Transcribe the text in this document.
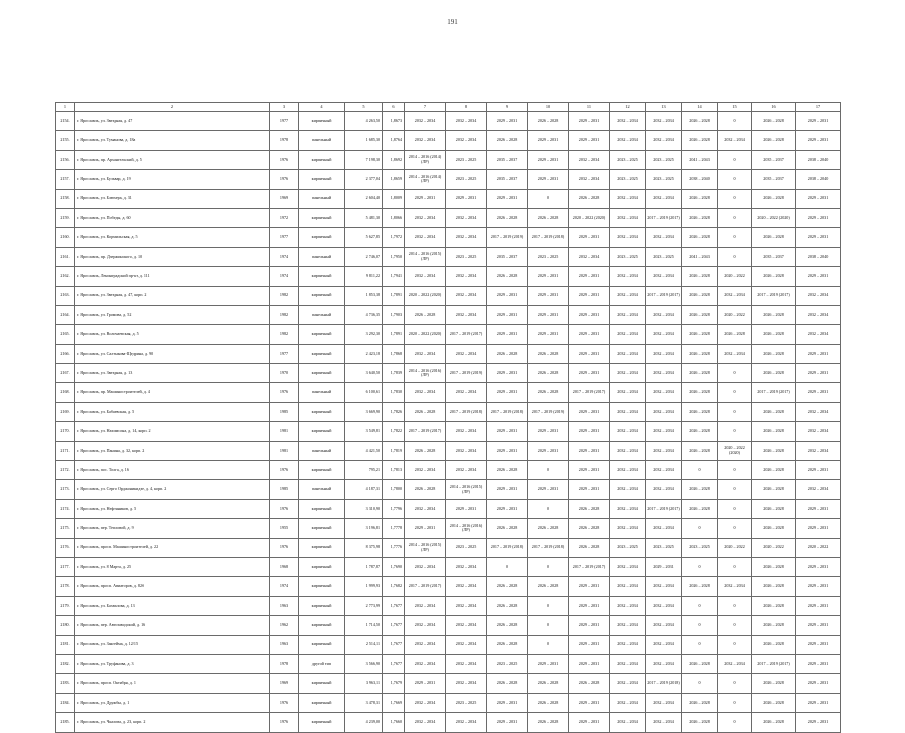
191
1	2	3	4	5	6	7	8	9	10	11	12	13	14	15	16	17
2154.	г. Ярославль, ул. Звездная, д. 47	1977	кирпичный	4 263,50	1,8673	2032 – 2034	2032 – 2034	2029 – 2031	2026 – 2028	2029 – 2031	2032 – 2034	2032 – 2034	2026 – 2028	0	2026 – 2028	2029 – 2031
2155.	г. Ярославль, ул. Туманова, д. 18а	1978	панельный	1 685,30	1,8764	2032 – 2034	2032 – 2034	2026 – 2028	2029 – 2031	2029 – 2031	2032 – 2034	2032 – 2034	2026 – 2028	2032 – 2034	2026 – 2028	2029 – 2031
2156.	г. Ярославль, пр. Архангельский, д. 5	1976	кирпичный	7 198,30	1,8692	2014 – 2016 (2014)(ЛР)	2023 – 2025	2035 – 2037	2029 – 2031	2032 – 2034	2023 – 2025	2023 – 2025	2041 – 2043	0	2035 – 2037	2038 – 2040
2157.	г. Ярославль, ул. Бульвар, д. 19	1976	кирпичный	2 377,04	1,8659	2014 – 2016 (2014)(ЛР)	2023 – 2025	2035 – 2037	2029 – 2031	2032 – 2034	2023 – 2025	2023 – 2025	2038 – 2040	0	2035 – 2037	2038 – 2040
2158.	г. Ярославль, ул. Блюхера, д. 31	1969	панельный	2 604,40	1,8009	2029 – 2031	2029 – 2031	2029 – 2031	0	2026 – 2028	2032 – 2034	2032 – 2034	2026 – 2028	0	2026 – 2028	2029 – 2031
2159.	г. Ярославль, ул. Победы, д. 60	1972	кирпичный	5 481,30	1,8066	2032 – 2034	2032 – 2034	2026 – 2028	2026 – 2028	2020 – 2022 (2020)	2032 – 2034	2017 – 2019 (2017)	2026 – 2028	0	2020 – 2022 (2020)	2029 – 2031
2160.	г. Ярославль, ул. Кормильская, д. 5	1977	кирпичный	5 627,85	1,7972	2032 – 2034	2032 – 2034	2017 – 2019 (2019)	2017 – 2019 (2018)	2029 – 2031	2032 – 2034	2032 – 2034	2026 – 2028	0	2026 – 2028	2029 – 2031
2161.	г. Ярославль, пр. Дзержинского, д. 10	1974	панельный	2 746,07	1,7950	2014 – 2016 (2015)(ЛР)	2023 – 2025	2035 – 2037	2023 – 2025	2032 – 2034	2023 – 2025	2023 – 2025	2041 – 2043	0	2035 – 2037	2038 – 2040
2162.	г. Ярославль, Ленинградский пр-кт, д. 111	1974	кирпичный	9 811,22	1,7941	2032 – 2034	2032 – 2034	2026 – 2028	2029 – 2031	2029 – 2031	2032 – 2034	2032 – 2034	2026 – 2028	2020 – 2022	2026 – 2028	2029 – 2031
2163.	г. Ярославль, ул. Звездная, д. 47, корп. 2	1982	кирпичный	1 853,38	1,7891	2020 – 2022 (2020)	2032 – 2034	2029 – 2031	2029 – 2031	2029 – 2031	2032 – 2034	2017 – 2019 (2017)	2026 – 2028	2032 – 2034	2017 – 2019 (2017)	2032 – 2034
2164.	г. Ярославль, ул. Громова, д. 52	1982	панельный	4 736,35	1,7903	2026 – 2028	2032 – 2034	2029 – 2031	2029 – 2031	2029 – 2031	2032 – 2034	2032 – 2034	2026 – 2028	2020 – 2022	2026 – 2028	2032 – 2034
2165.	г. Ярославль, ул. Волочаевская, д. 5	1982	кирпичный	3 292,30	1,7891	2020 – 2022 (2020)	2017 – 2019 (2017)	2029 – 2031	2029 – 2031	2029 – 2031	2032 – 2034	2032 – 2034	2026 – 2028	2026 – 2028	2026 – 2028	2032 – 2034
2166.	г. Ярославль, ул. Салтыкова-Щедрина, д. 90	1977	кирпичный	2 423,18	1,7868	2032 – 2034	2032 – 2034	2026 – 2028	2026 – 2028	2029 – 2031	2032 – 2034	2032 – 2034	2026 – 2028	2032 – 2034	2026 – 2028	2029 – 2031
2167.	г. Ярославль, ул. Звездная, д. 13	1970	кирпичный	3 640,50	1,7839	2014 – 2016 (2016)(ЛР)	2017 – 2019 (2019)	2029 – 2031	2026 – 2028	2029 – 2031	2032 – 2034	2032 – 2034	2026 – 2028	0	2026 – 2028	2029 – 2031
2168.	г. Ярославль, пр. Машиностроителей, д. 4	1976	панельный	6 100,61	1,7830	2032 – 2034	2032 – 2034	2029 – 2031	2026 – 2028	2017 – 2019 (2017)	2032 – 2034	2032 – 2034	2026 – 2028	0	2017 – 2019 (2017)	2029 – 2031
2169.	г. Ярославль, ул. Бабаевская, д. 5	1985	кирпичный	3 669,90	1,7826	2026 – 2028	2017 – 2019 (2018)	2017 – 2019 (2018)	2017 – 2019 (2019)	2029 – 2031	2032 – 2034	2032 – 2034	2026 – 2028	0	2026 – 2028	2032 – 2034
2170.	г. Ярославль, ул. Нахимсона, д. 14, корп. 2	1981	кирпичный	3 549,81	1,7822	2017 – 2019 (2017)	2032 – 2034	2029 – 2031	2029 – 2031	2029 – 2031	2032 – 2034	2032 – 2034	2026 – 2028	0	2026 – 2028	2032 – 2034
2171.	г. Ярославль, ул. Панина, д. 32, корп. 2	1981	панельный	4 421,50	1,7819	2026 – 2028	2032 – 2034	2029 – 2031	2029 – 2031	2029 – 2031	2032 – 2034	2032 – 2034	2026 – 2028	2020 – 2022 (2020)	2026 – 2028	2032 – 2034
2172.	г. Ярославль, пос. Толга, д. 16	1976	кирпичный	795,21	1,7813	2032 – 2034	2032 – 2034	2026 – 2028	0	2029 – 2031	2032 – 2034	2032 – 2034	0	0	2026 – 2028	2029 – 2031
2173.	г. Ярославль, ул. Серго Орджоникидзе, д. 4, корп. 2	1985	панельный	4 187,31	1,7800	2026 – 2028	2014 – 2016 (2015)(ЛР)	2029 – 2031	2029 – 2031	2029 – 2031	2032 – 2034	2032 – 2034	2026 – 2028	0	2026 – 2028	2032 – 2034
2174.	г. Ярославль, ул. Нефтяников, д. 5	1976	кирпичный	3 310,90	1,7796	2032 – 2034	2029 – 2031	2029 – 2031	0	2026 – 2028	2032 – 2034	2017 – 2019 (2017)	2026 – 2028	0	2026 – 2028	2029 – 2031
2175.	г. Ярославль, пер. Тепловой, д. 9	1955	кирпичный	3 196,81	1,7778	2029 – 2031	2014 – 2016 (2016)(ЛР)	2026 – 2028	2026 – 2028	2026 – 2028	2032 – 2034	2032 – 2034	0	0	2026 – 2028	2029 – 2031
2176.	г. Ярославль, просп. Машиностроителей, д. 22	1976	кирпичный	8 375,98	1,7776	2014 – 2016 (2015)(ЛР)	2023 – 2025	2017 – 2019 (2018)	2017 – 2019 (2018)	2026 – 2028	2023 – 2025	2023 – 2025	2023 – 2025	2020 – 2022	2020 – 2022	2020 – 2022
2177.	г. Ярославль, ул. 8 Марта, д. 25	1968	кирпичный	1 787,87	1,7690	2032 – 2034	2032 – 2034	0	0	2017 – 2019 (2017)	2032 – 2034	2029 – 2031	0	0	2026 – 2028	2029 – 2031
2178.	г. Ярославль, просп. Авиаторов, д. 82б	1974	кирпичный	1 999,93	1,7682	2017 – 2019 (2017)	2032 – 2034	2026 – 2028	2026 – 2028	2029 – 2031	2032 – 2034	2032 – 2034	2026 – 2028	2032 – 2034	2026 – 2028	2029 – 2031
2179.	г. Ярославль, ул. Бахвалова, д. 13	1963	кирпичный	2 773,99	1,7677	2032 – 2034	2032 – 2034	2026 – 2028	0	2029 – 2031	2032 – 2034	2032 – 2034	0	0	2026 – 2028	2029 – 2031
2180.	г. Ярославль, пер. Автозаводский, д. 16	1962	кирпичный	1 714,50	1,7677	2032 – 2034	2032 – 2034	2026 – 2028	0	2029 – 2031	2032 – 2034	2032 – 2034	0	0	2026 – 2028	2029 – 2031
2181.	г. Ярославль, ул. Закгейма, д. 12/15	1963	кирпичный	2 514,11	1,7677	2032 – 2034	2032 – 2034	2026 – 2028	0	2029 – 2031	2032 – 2034	2032 – 2034	0	0	2026 – 2028	2029 – 2031
2182.	г. Ярославль, ул. Труфанова, д. 3	1978	другой тип	3 566,90	1,7677	2032 – 2034	2032 – 2034	2023 – 2025	2029 – 2031	2029 – 2031	2032 – 2034	2032 – 2034	2026 – 2028	2032 – 2034	2017 – 2019 (2017)	2029 – 2031
2183.	г. Ярославль, просп. Октября, д. 1	1969	кирпичный	3 963,11	1,7679	2029 – 2031	2032 – 2034	2026 – 2028	2026 – 2028	2026 – 2028	2032 – 2034	2017 – 2019 (2018)	0	0	2026 – 2028	2029 – 2031
2184.	г. Ярославль, ул. Дружбы, д. 1	1976	кирпичный	3 478,31	1,7669	2032 – 2034	2023 – 2025	2029 – 2031	2026 – 2028	2029 – 2031	2032 – 2034	2032 – 2034	2026 – 2028	0	2026 – 2028	2029 – 2031
2185.	г. Ярославль, ул. Чкалова, д. 23, корп. 2	1976	кирпичный	4 239,00	1,7660	2032 – 2034	2032 – 2034	2029 – 2031	2026 – 2028	2029 – 2031	2032 – 2034	2032 – 2034	2026 – 2028	0	2026 – 2028	2029 – 2031
